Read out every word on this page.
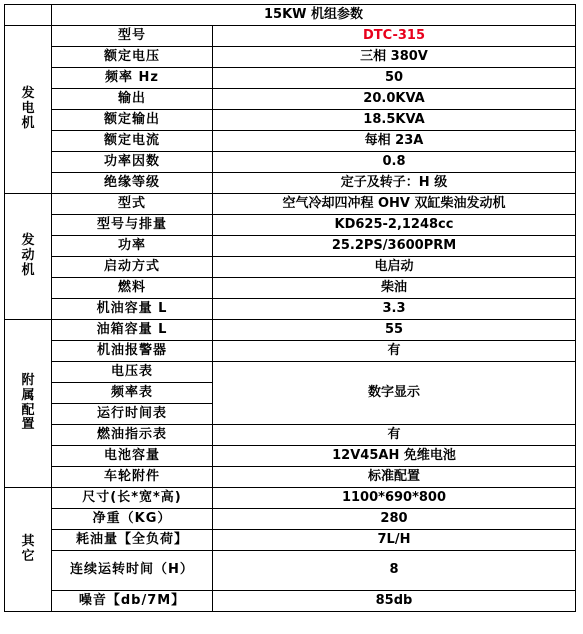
	15KW 机组参数	
发
电
机	型号	DTC-315
	额定电压	三相 380V
	频率 Hz	50
	输出	20.0KVA
	额定输出	18.5KVA
	额定电流	每相 23A
	功率因数	0.8
	绝缘等级	定子及转子：H 级
发
动
机	型式	空气冷却四冲程 OHV 双缸柴油发动机
	型号与排量	KD625-2,1248cc
	功率	25.2PS/3600PRM
	启动方式	电启动
	燃料	柴油
	机油容量 L	3.3
附
属
配
置	油箱容量 L	55
	机油报警器	有
	电压表	数字显示
	频率表	
	运行时间表	
	燃油指示表	有
	电池容量	12V45AH 免维电池
	车轮附件	标准配置
其
它	尺寸(长*宽*高)	1100*690*800
	净重（KG）	280
	耗油量【全负荷】	7L/H
	连续运转时间（H）	8
	噪音【db/7M】	85db
